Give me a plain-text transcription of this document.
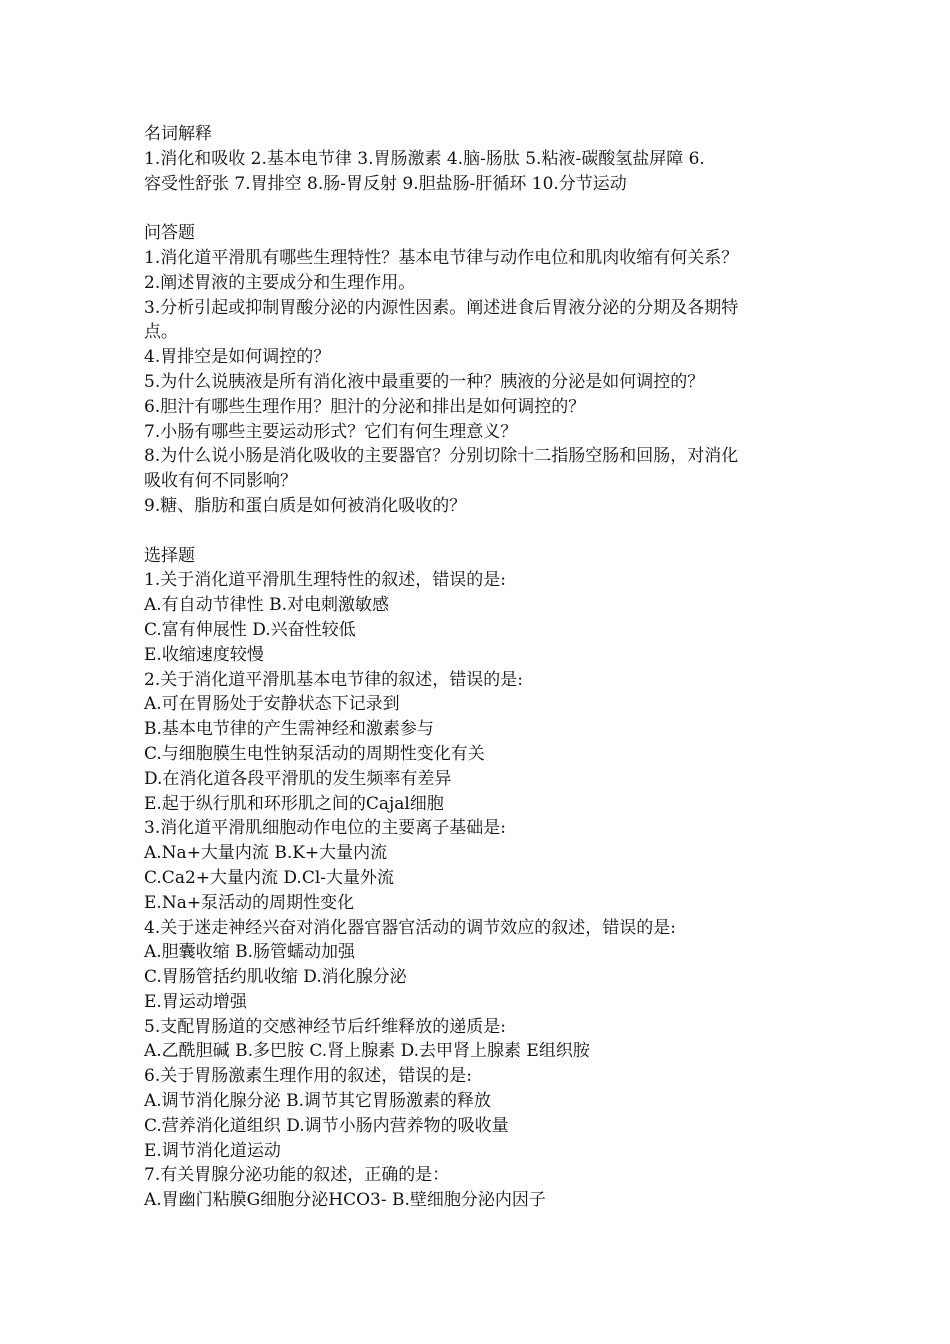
名词解释

1.消化和吸收 2.基本电节律 3.胃肠激素 4.脑-肠肽 5.粘液-碳酸氢盐屏障 6.

容受性舒张 7.胃排空 8.肠-胃反射 9.胆盐肠-肝循环 10.分节运动

问答题

1.消化道平滑肌有哪些生理特性？基本电节律与动作电位和肌肉收缩有何关系？

2.阐述胃液的主要成分和生理作用。

3.分析引起或抑制胃酸分泌的内源性因素。阐述进食后胃液分泌的分期及各期特

点。

4.胃排空是如何调控的？

5.为什么说胰液是所有消化液中最重要的一种？胰液的分泌是如何调控的？

6.胆汁有哪些生理作用？胆汁的分泌和排出是如何调控的？

7.小肠有哪些主要运动形式？它们有何生理意义？

8.为什么说小肠是消化吸收的主要器官？分别切除十二指肠空肠和回肠，对消化

吸收有何不同影响？

9.糖、脂肪和蛋白质是如何被消化吸收的？

选择题

1.关于消化道平滑肌生理特性的叙述，错误的是:

A.有自动节律性 B.对电刺激敏感

C.富有伸展性 D.兴奋性较低

E.收缩速度较慢

2.关于消化道平滑肌基本电节律的叙述，错误的是:

A.可在胃肠处于安静状态下记录到

B.基本电节律的产生需神经和激素参与

C.与细胞膜生电性钠泵活动的周期性变化有关

D.在消化道各段平滑肌的发生频率有差异

E.起于纵行肌和环形肌之间的Cajal细胞

3.消化道平滑肌细胞动作电位的主要离子基础是:

A.Na+大量内流 B.K+大量内流

C.Ca2+大量内流 D.Cl-大量外流

E.Na+泵活动的周期性变化

4.关于迷走神经兴奋对消化器官器官活动的调节效应的叙述，错误的是:

A.胆囊收缩 B.肠管蠕动加强

C.胃肠管括约肌收缩 D.消化腺分泌

E.胃运动增强

5.支配胃肠道的交感神经节后纤维释放的递质是:

A.乙酰胆碱 B.多巴胺 C.肾上腺素 D.去甲肾上腺素 E组织胺

6.关于胃肠激素生理作用的叙述，错误的是:

A.调节消化腺分泌 B.调节其它胃肠激素的释放

C.营养消化道组织 D.调节小肠内营养物的吸收量

E.调节消化道运动

7.有关胃腺分泌功能的叙述，正确的是：

A.胃幽门粘膜G细胞分泌HCO3- B.壁细胞分泌内因子
